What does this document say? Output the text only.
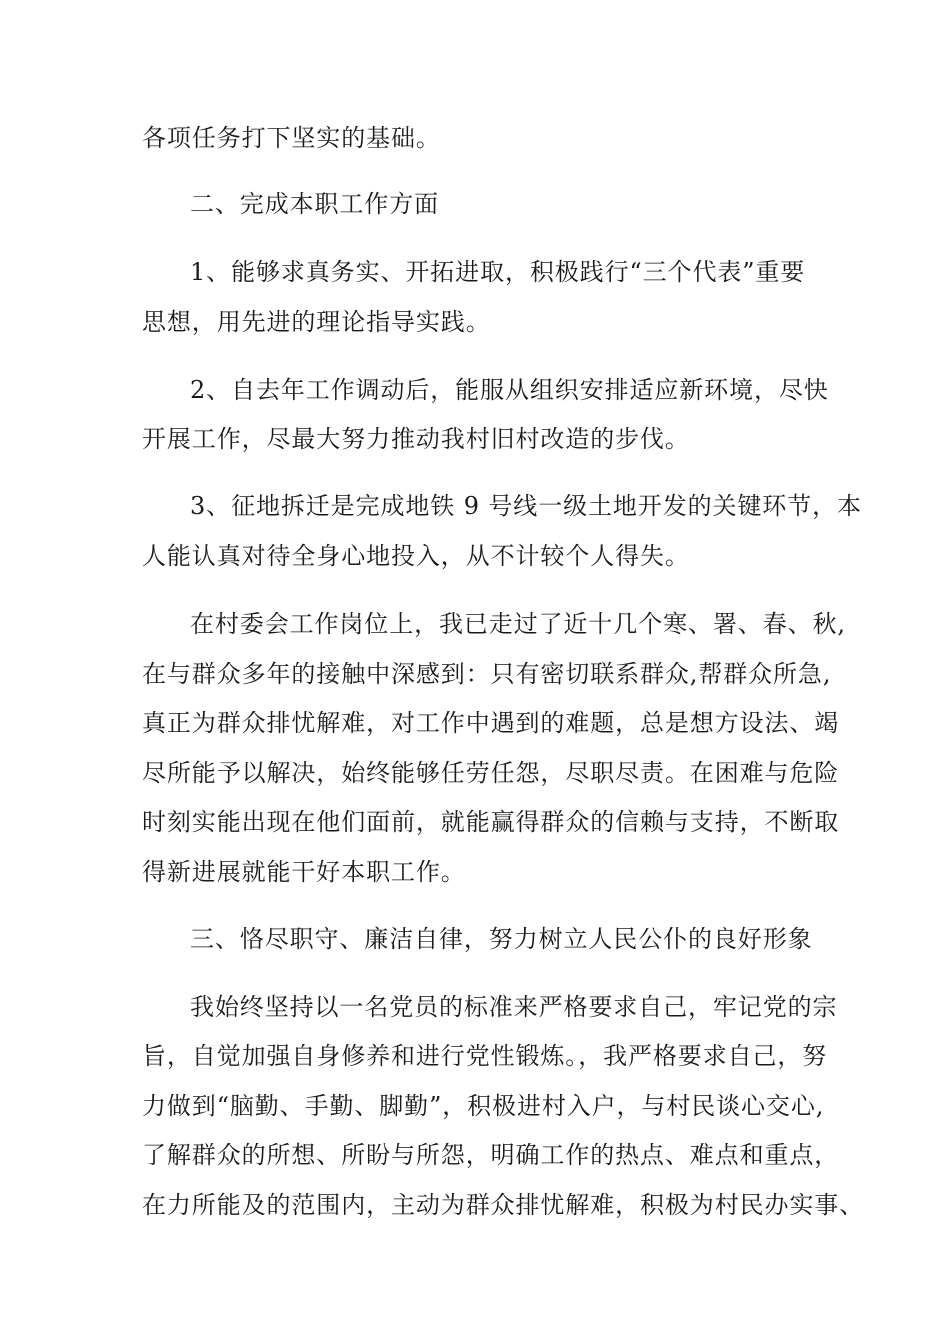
各项任务打下坚实的基础。

二、完成本职工作方面

1、能够求真务实、开拓进取，积极践行“三个代表”重要

思想，用先进的理论指导实践。

2、自去年工作调动后，能服从组织安排适应新环境，尽快

开展工作，尽最大努力推动我村旧村改造的步伐。

3、征地拆迁是完成地铁 9 号线一级土地开发的关键环节，本

人能认真对待全身心地投入，从不计较个人得失。

在村委会工作岗位上，我已走过了近十几个寒、署、春、秋,

在与群众多年的接触中深感到：只有密切联系群众,帮群众所急,

真正为群众排忧解难，对工作中遇到的难题，总是想方设法、竭

尽所能予以解决，始终能够任劳任怨，尽职尽责。在困难与危险

时刻实能出现在他们面前，就能赢得群众的信赖与支持，不断取

得新进展就能干好本职工作。

三、恪尽职守、廉洁自律，努力树立人民公仆的良好形象

我始终坚持以一名党员的标准来严格要求自己，牢记党的宗

旨，自觉加强自身修养和进行党性锻炼。，我严格要求自己，努

力做到“脑勤、手勤、脚勤”，积极进村入户，与村民谈心交心,

了解群众的所想、所盼与所怨，明确工作的热点、难点和重点，

在力所能及的范围内，主动为群众排忧解难，积极为村民办实事、
